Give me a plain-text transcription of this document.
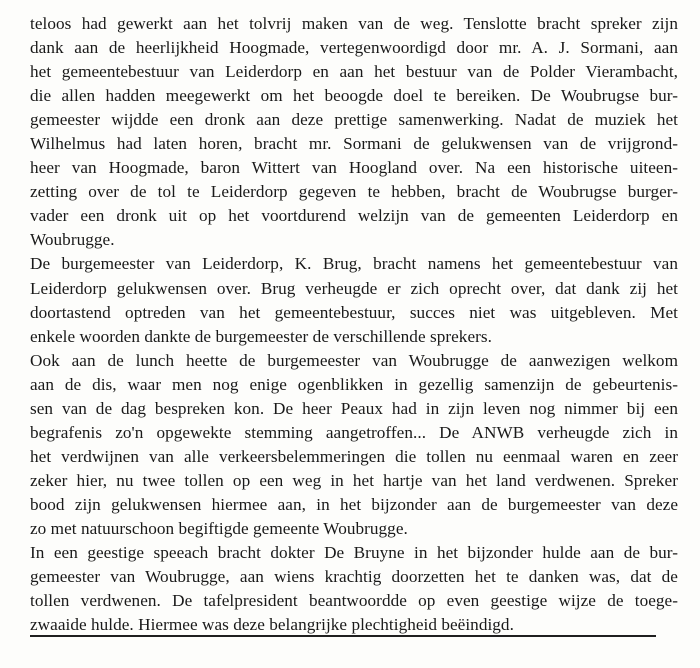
teloos had gewerkt aan het tolvrij maken van de weg. Tenslotte bracht spreker zijn
dank aan de heerlijkheid Hoogmade, vertegenwoordigd door mr. A. J. Sormani, aan
het gemeentebestuur van Leiderdorp en aan het bestuur van de Polder Vierambacht,
die allen hadden meegewerkt om het beoogde doel te bereiken. De Woubrugse bur-
gemeester wijdde een dronk aan deze prettige samenwerking. Nadat de muziek het
Wilhelmus had laten horen, bracht mr. Sormani de gelukwensen van de vrijgrond-
heer van Hoogmade, baron Wittert van Hoogland over. Na een historische uiteen-
zetting over de tol te Leiderdorp gegeven te hebben, bracht de Woubrugse burger-
vader een dronk uit op het voortdurend welzijn van de gemeenten Leiderdorp en
Woubrugge.
De burgemeester van Leiderdorp, K. Brug, bracht namens het gemeentebestuur van
Leiderdorp gelukwensen over. Brug verheugde er zich oprecht over, dat dank zij het
doortastend optreden van het gemeentebestuur, succes niet was uitgebleven. Met
enkele woorden dankte de burgemeester de verschillende sprekers.
Ook aan de lunch heette de burgemeester van Woubrugge de aanwezigen welkom
aan de dis, waar men nog enige ogenblikken in gezellig samenzijn de gebeurtenis-
sen van de dag bespreken kon. De heer Peaux had in zijn leven nog nimmer bij een
begrafenis zo'n opgewekte stemming aangetroffen... De ANWB verheugde zich in
het verdwijnen van alle verkeersbelemmeringen die tollen nu eenmaal waren en zeer
zeker hier, nu twee tollen op een weg in het hartje van het land verdwenen. Spreker
bood zijn gelukwensen hiermee aan, in het bijzonder aan de burgemeester van deze
zo met natuurschoon begiftigde gemeente Woubrugge.
In een geestige speeach bracht dokter De Bruyne in het bijzonder hulde aan de bur-
gemeester van Woubrugge, aan wiens krachtig doorzetten het te danken was, dat de
tollen verdwenen. De tafelpresident beantwoordde op even geestige wijze de toege-
zwaaide hulde. Hiermee was deze belangrijke plechtigheid beëindigd.
